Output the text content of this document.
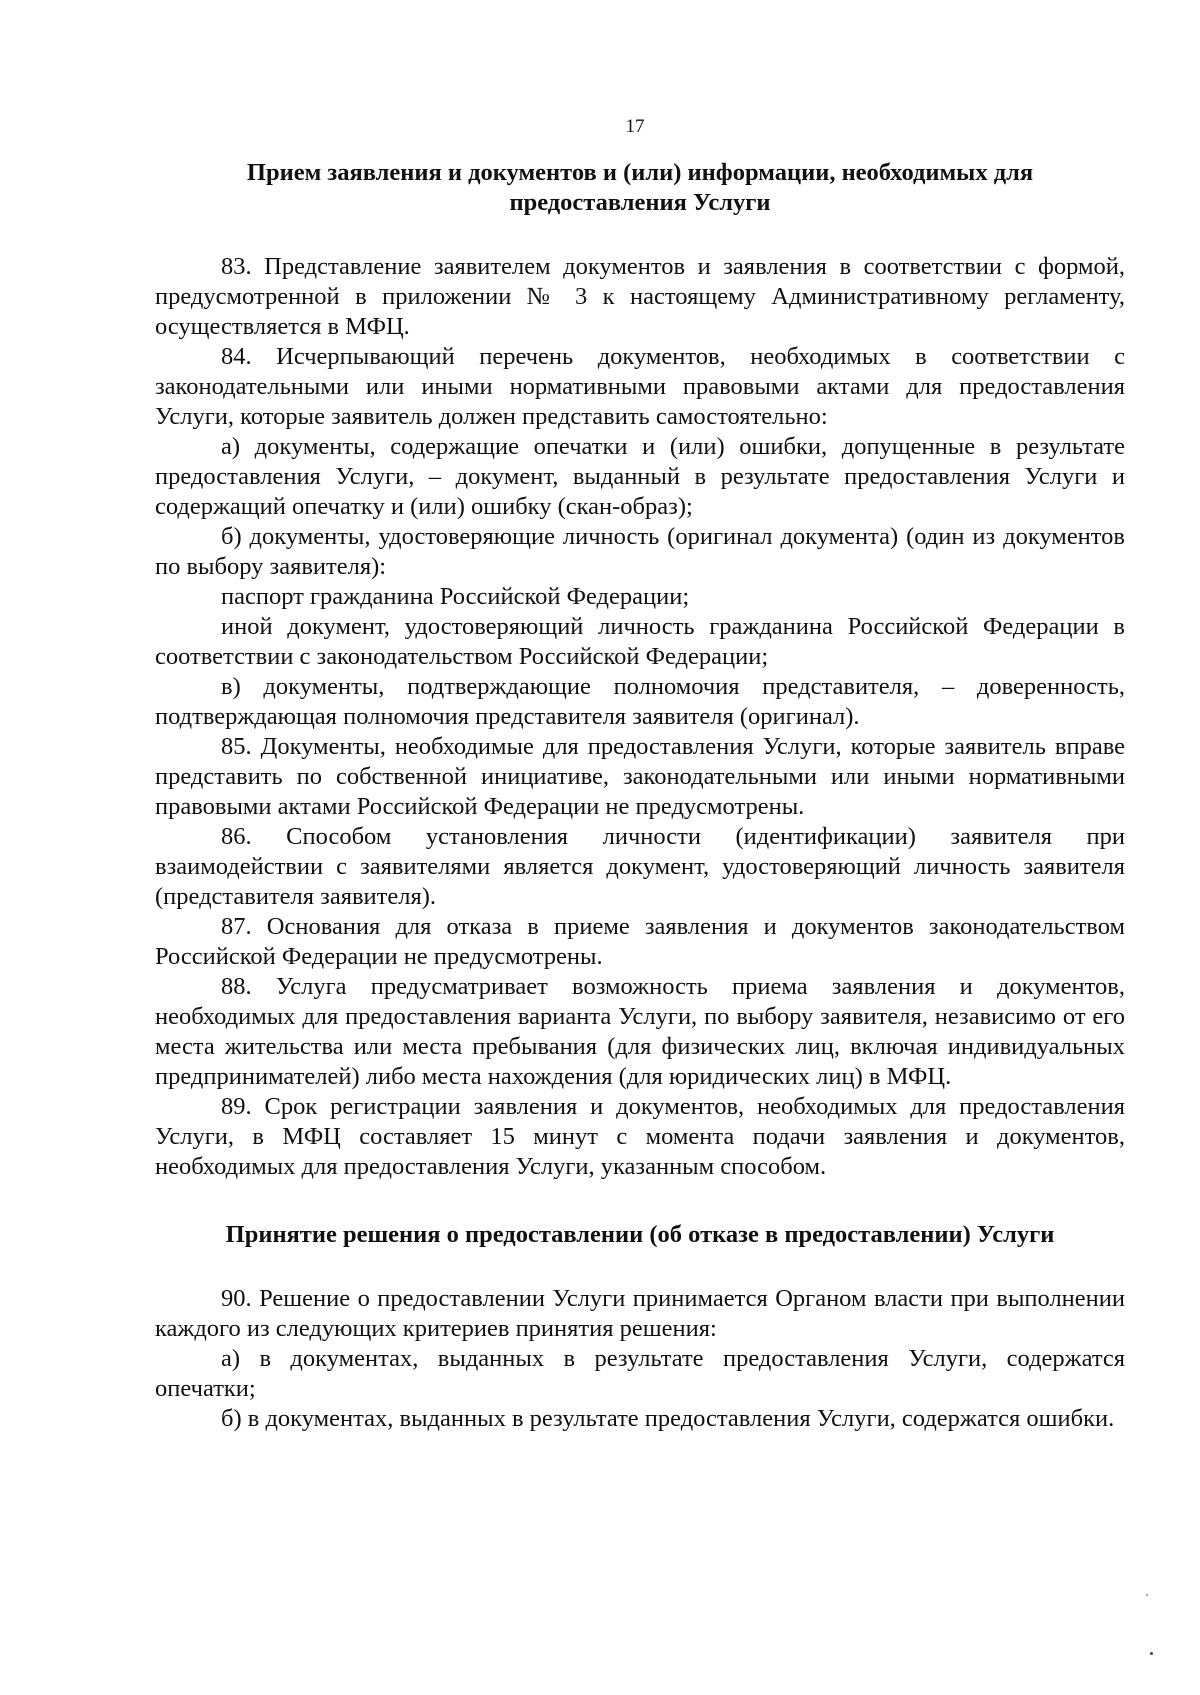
17

Прием заявления и документов и (или) информации, необходимых для
предоставления Услуги

83. Представление заявителем документов и заявления в соответствии с формой, предусмотренной в приложении № 3 к настоящему Административному регламенту, осуществляется в МФЦ.

84. Исчерпывающий перечень документов, необходимых в соответствии с законодательными или иными нормативными правовыми актами для предоставления Услуги, которые заявитель должен представить самостоятельно:

а) документы, содержащие опечатки и (или) ошибки, допущенные в результате предоставления Услуги, – документ, выданный в результате предоставления Услуги и содержащий опечатку и (или) ошибку (скан-образ);

б) документы, удостоверяющие личность (оригинал документа) (один из документов по выбору заявителя):

паспорт гражданина Российской Федерации;

иной документ, удостоверяющий личность гражданина Российской Федерации в соответствии с законодательством Российской Федерации;

в) документы, подтверждающие полномочия представителя, – доверенность, подтверждающая полномочия представителя заявителя (оригинал).

85. Документы, необходимые для предоставления Услуги, которые заявитель вправе представить по собственной инициативе, законодательными или иными нормативными правовыми актами Российской Федерации не предусмотрены.

86. Способом установления личности (идентификации) заявителя при взаимодействии с заявителями является документ, удостоверяющий личность заявителя (представителя заявителя).

87. Основания для отказа в приеме заявления и документов законодательством Российской Федерации не предусмотрены.

88. Услуга предусматривает возможность приема заявления и документов, необходимых для предоставления варианта Услуги, по выбору заявителя, независимо от его места жительства или места пребывания (для физических лиц, включая индивидуальных предпринимателей) либо места нахождения (для юридических лиц) в МФЦ.

89. Срок регистрации заявления и документов, необходимых для предоставления Услуги, в МФЦ составляет 15 минут с момента подачи заявления и документов, необходимых для предоставления Услуги, указанным способом.

Принятие решения о предоставлении (об отказе в предоставлении) Услуги

90. Решение о предоставлении Услуги принимается Органом власти при выполнении каждого из следующих критериев принятия решения:

а) в документах, выданных в результате предоставления Услуги, содержатся опечатки;

б) в документах, выданных в результате предоставления Услуги, содержатся ошибки.
